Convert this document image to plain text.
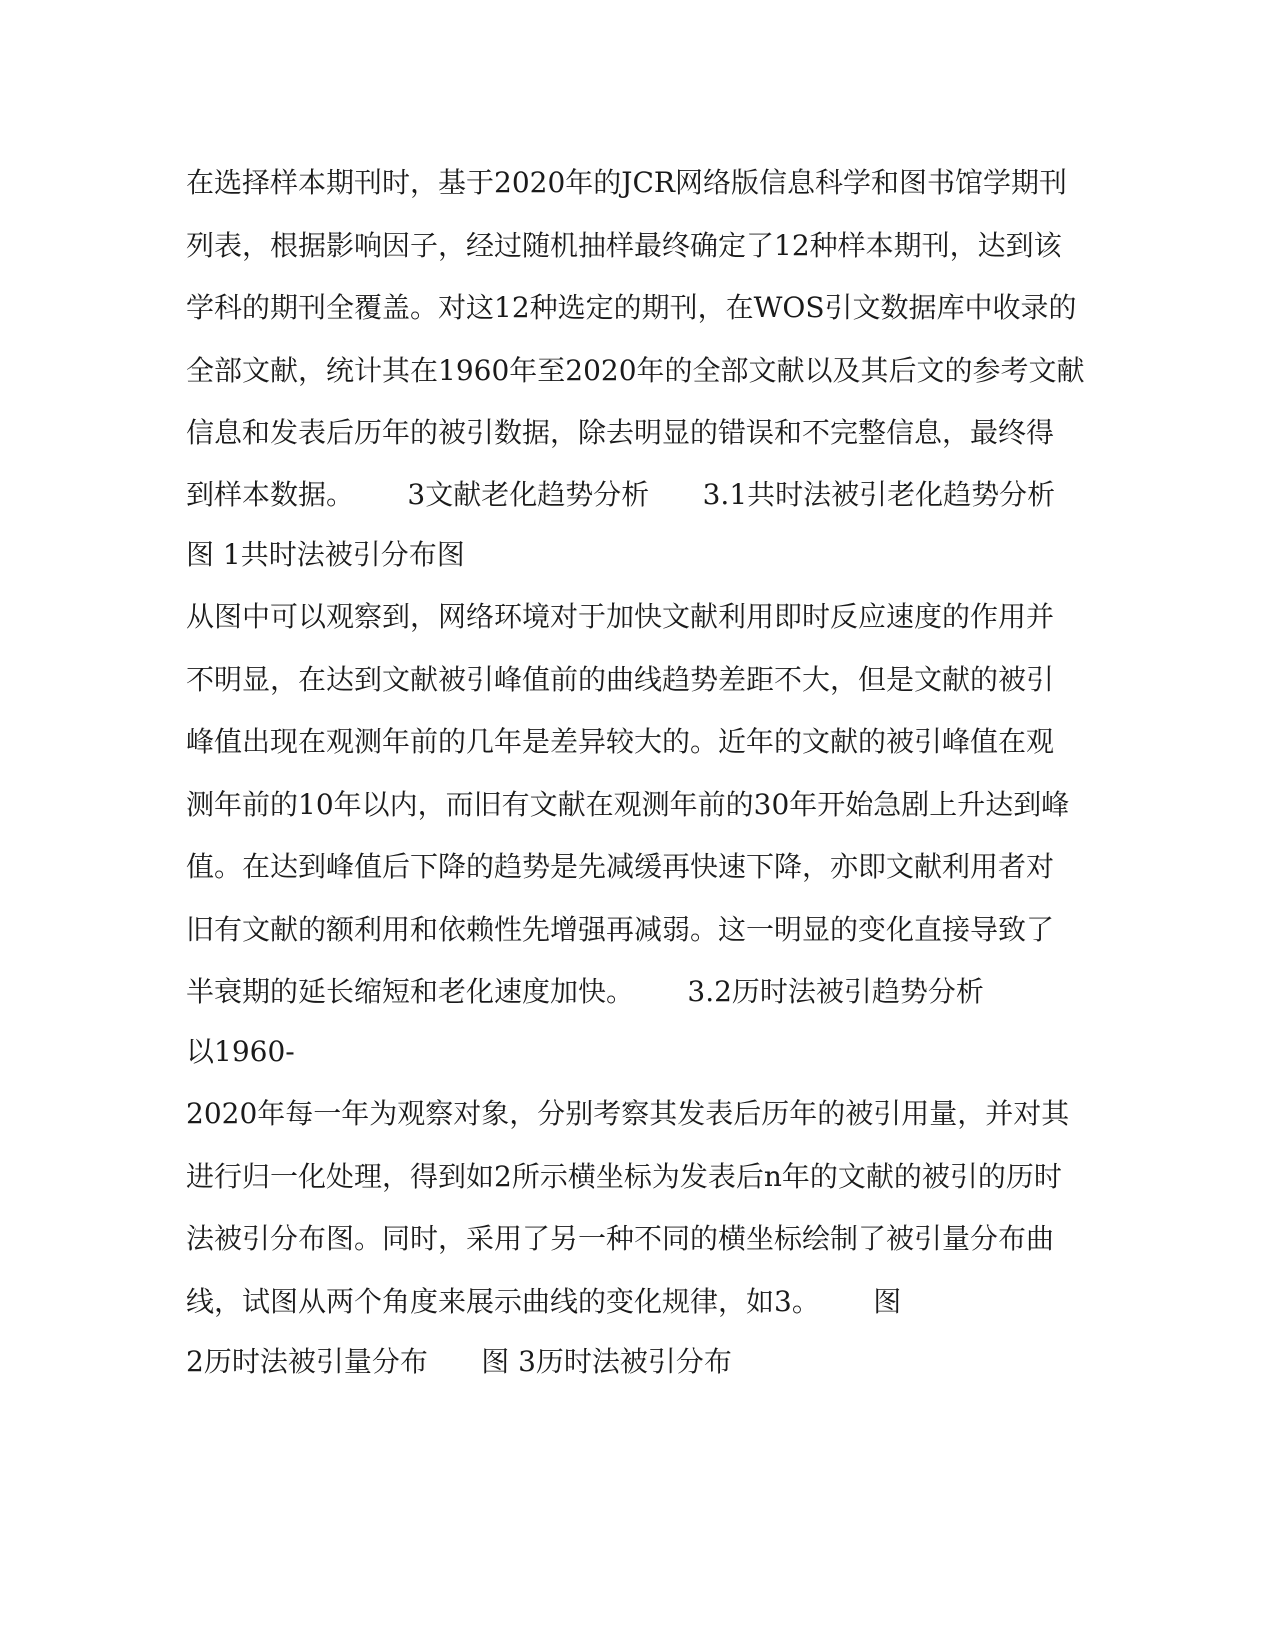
在选择样本期刊时，基于2020年的JCR网络版信息科学和图书馆学期刊

列表，根据影响因子，经过随机抽样最终确定了12种样本期刊，达到该

学科的期刊全覆盖。对这12种选定的期刊，在WOS引文数据库中收录的

全部文献，统计其在1960年至2020年的全部文献以及其后文的参考文献

信息和发表后历年的被引数据，除去明显的错误和不完整信息，最终得

到样本数据。      3文献老化趋势分析      3.1共时法被引老化趋势分析

图 1共时法被引分布图

从图中可以观察到，网络环境对于加快文献利用即时反应速度的作用并

不明显，在达到文献被引峰值前的曲线趋势差距不大，但是文献的被引

峰值出现在观测年前的几年是差异较大的。近年的文献的被引峰值在观

测年前的10年以内，而旧有文献在观测年前的30年开始急剧上升达到峰

值。在达到峰值后下降的趋势是先减缓再快速下降，亦即文献利用者对

旧有文献的额利用和依赖性先增强再减弱。这一明显的变化直接导致了

半衰期的延长缩短和老化速度加快。      3.2历时法被引趋势分析

以1960-

2020年每一年为观察对象，分别考察其发表后历年的被引用量，并对其

进行归一化处理，得到如2所示横坐标为发表后n年的文献的被引的历时

法被引分布图。同时，采用了另一种不同的横坐标绘制了被引量分布曲

线，试图从两个角度来展示曲线的变化规律，如3。      图

2历时法被引量分布      图 3历时法被引分布
